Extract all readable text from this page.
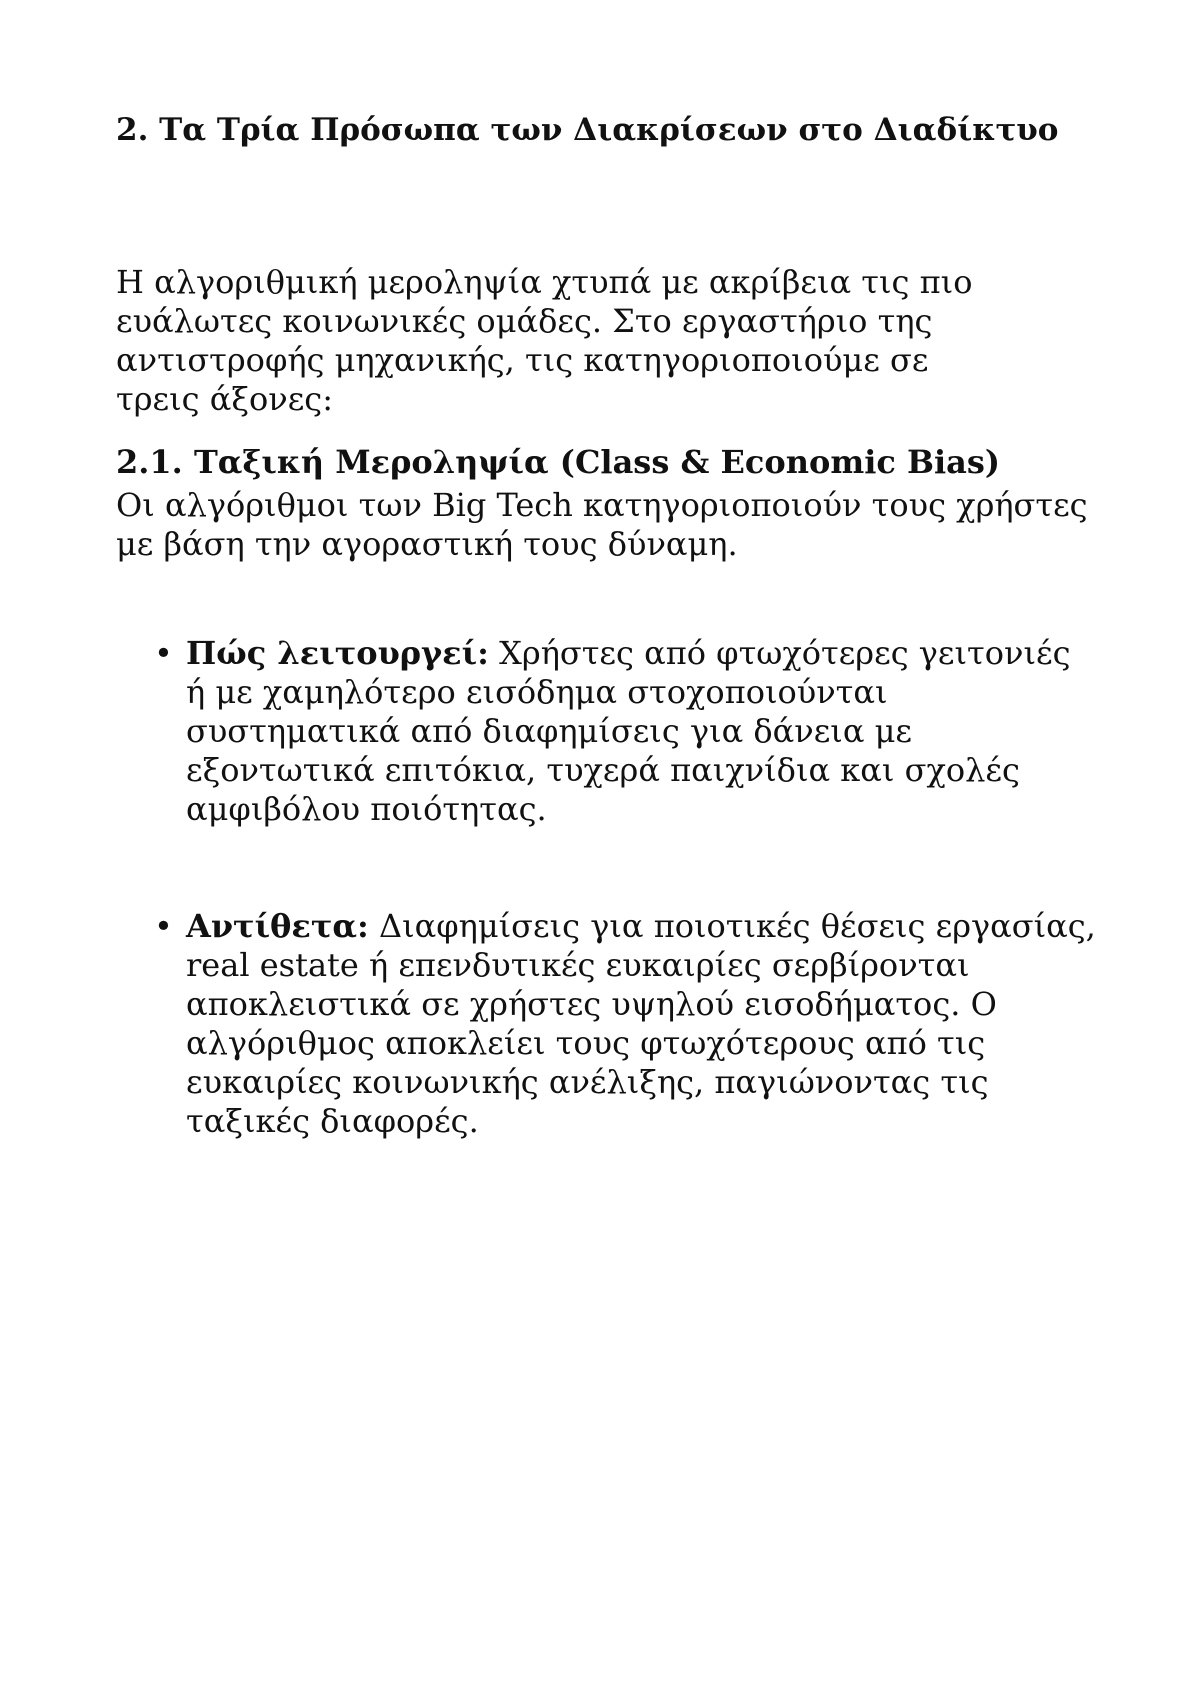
2. Τα Τρία Πρόσωπα των Διακρίσεων στο Διαδίκτυο

Η αλγοριθμική μεροληψία χτυπά με ακρίβεια τις πιο ευάλωτες κοινωνικές ομάδες. Στο εργαστήριο της αντιστροφής μηχανικής, τις κατηγοριοποιούμε σε τρεις άξονες:

2.1. Ταξική Μεροληψία (Class & Economic Bias)

Οι αλγόριθμοι των Big Tech κατηγοριοποιούν τους χρήστες με βάση την αγοραστική τους δύναμη.

• Πώς λειτουργεί: Χρήστες από φτωχότερες γειτονιές ή με χαμηλότερο εισόδημα στοχοποιούνται συστηματικά από διαφημίσεις για δάνεια με εξοντωτικά επιτόκια, τυχερά παιχνίδια και σχολές αμφιβόλου ποιότητας.
• Αντίθετα: Διαφημίσεις για ποιοτικές θέσεις εργασίας, real estate ή επενδυτικές ευκαιρίες σερβίρονται αποκλειστικά σε χρήστες υψηλού εισοδήματος. Ο αλγόριθμος αποκλείει τους φτωχότερους από τις ευκαιρίες κοινωνικής ανέλιξης, παγιώνοντας τις ταξικές διαφορές.
